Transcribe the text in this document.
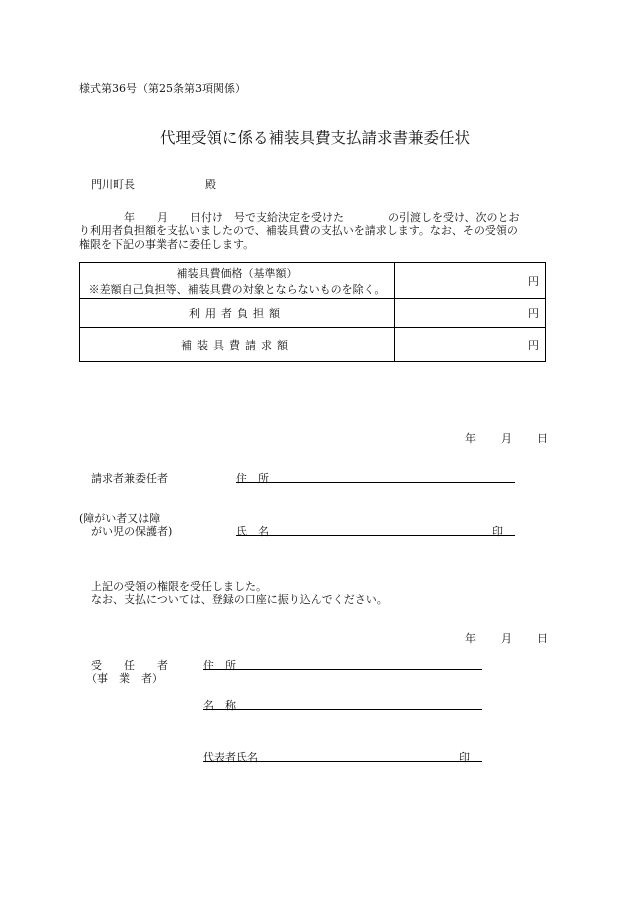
様式第36号（第25条第3項関係）
代理受領に係る補装具費支払請求書兼委任状
門川町長	殿
年　　月　　日付け　号で支給決定を受けた　　　　の引渡しを受け、次のとお
り利用者負担額を支払いましたので、補装具費の支払いを請求します。なお、その受領の
権限を下記の事業者に委任します。
補装具費価格（基準額）
※差額自己負担等、補装具費の対象とならないものを除く。	円
利用者負担額	円
補装具費請求額	円
年 月 日
請求者兼委任者	住　所
(障がい者又は障
がい児の保護者)	氏　名	印
上記の受領の権限を受任しました。
なお、支払については、登録の口座に振り込んでください。
年 月 日
受　　任　　者
（事　業　者）
住　所
名　称
代表者氏名	印
